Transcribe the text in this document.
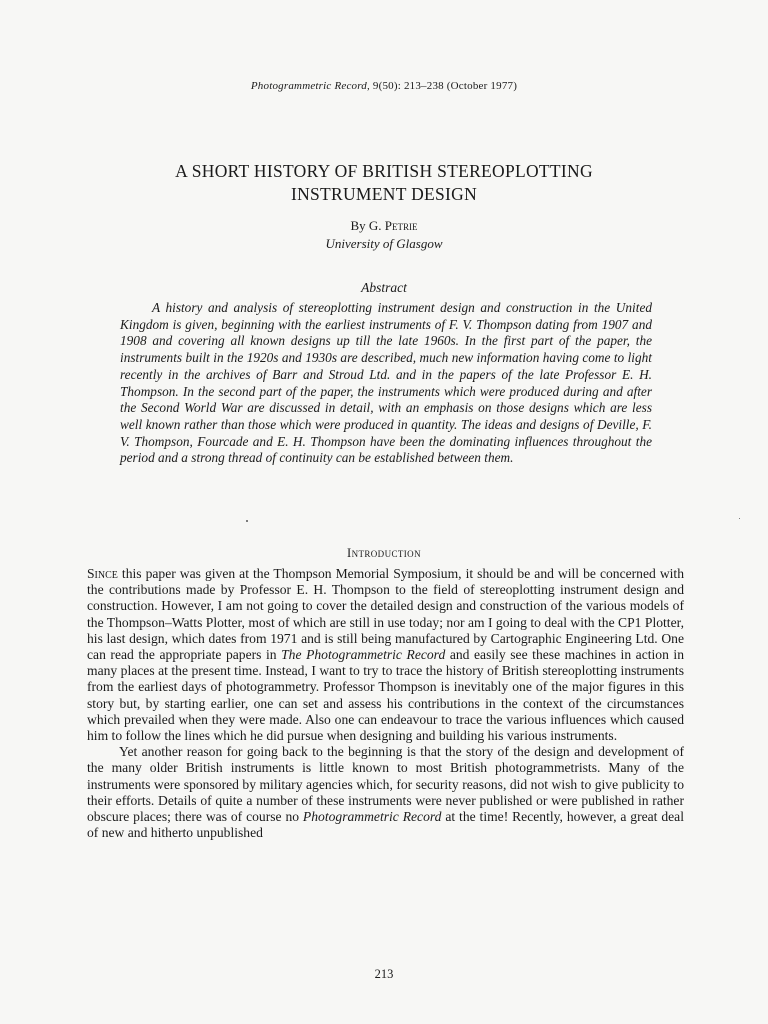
Photogrammetric Record, 9(50): 213–238 (October 1977)
A SHORT HISTORY OF BRITISH STEREOPLOTTING
INSTRUMENT DESIGN
By G. Petrie
University of Glasgow
Abstract

A history and analysis of stereoplotting instrument design and construction in the United Kingdom is given, beginning with the earliest instruments of F. V. Thompson dating from 1907 and 1908 and covering all known designs up till the late 1960s. In the first part of the paper, the instruments built in the 1920s and 1930s are described, much new information having come to light recently in the archives of Barr and Stroud Ltd. and in the papers of the late Professor E. H. Thompson. In the second part of the paper, the instruments which were produced during and after the Second World War are discussed in detail, with an emphasis on those designs which are less well known rather than those which were produced in quantity. The ideas and designs of Deville, F. V. Thompson, Fourcade and E. H. Thompson have been the dominating influences throughout the period and a strong thread of continuity can be established between them.

Introduction

Since this paper was given at the Thompson Memorial Symposium, it should be and will be concerned with the contributions made by Professor E. H. Thompson to the field of stereoplotting instrument design and construction. However, I am not going to cover the detailed design and construction of the various models of the Thompson–Watts Plotter, most of which are still in use today; nor am I going to deal with the CP1 Plotter, his last design, which dates from 1971 and is still being manufactured by Cartographic Engineering Ltd. One can read the appropriate papers in The Photogrammetric Record and easily see these machines in action in many places at the present time. Instead, I want to try to trace the history of British stereoplotting instruments from the earliest days of photogrammetry. Professor Thompson is inevitably one of the major figures in this story but, by starting earlier, one can set and assess his contributions in the context of the circumstances which prevailed when they were made. Also one can endeavour to trace the various influences which caused him to follow the lines which he did pursue when designing and building his various instruments.

Yet another reason for going back to the beginning is that the story of the design and development of the many older British instruments is little known to most British photogrammetrists. Many of the instruments were sponsored by military agencies which, for security reasons, did not wish to give publicity to their efforts. Details of quite a number of these instruments were never published or were published in rather obscure places; there was of course no Photogrammetric Record at the time! Recently, however, a great deal of new and hitherto unpublished

213
